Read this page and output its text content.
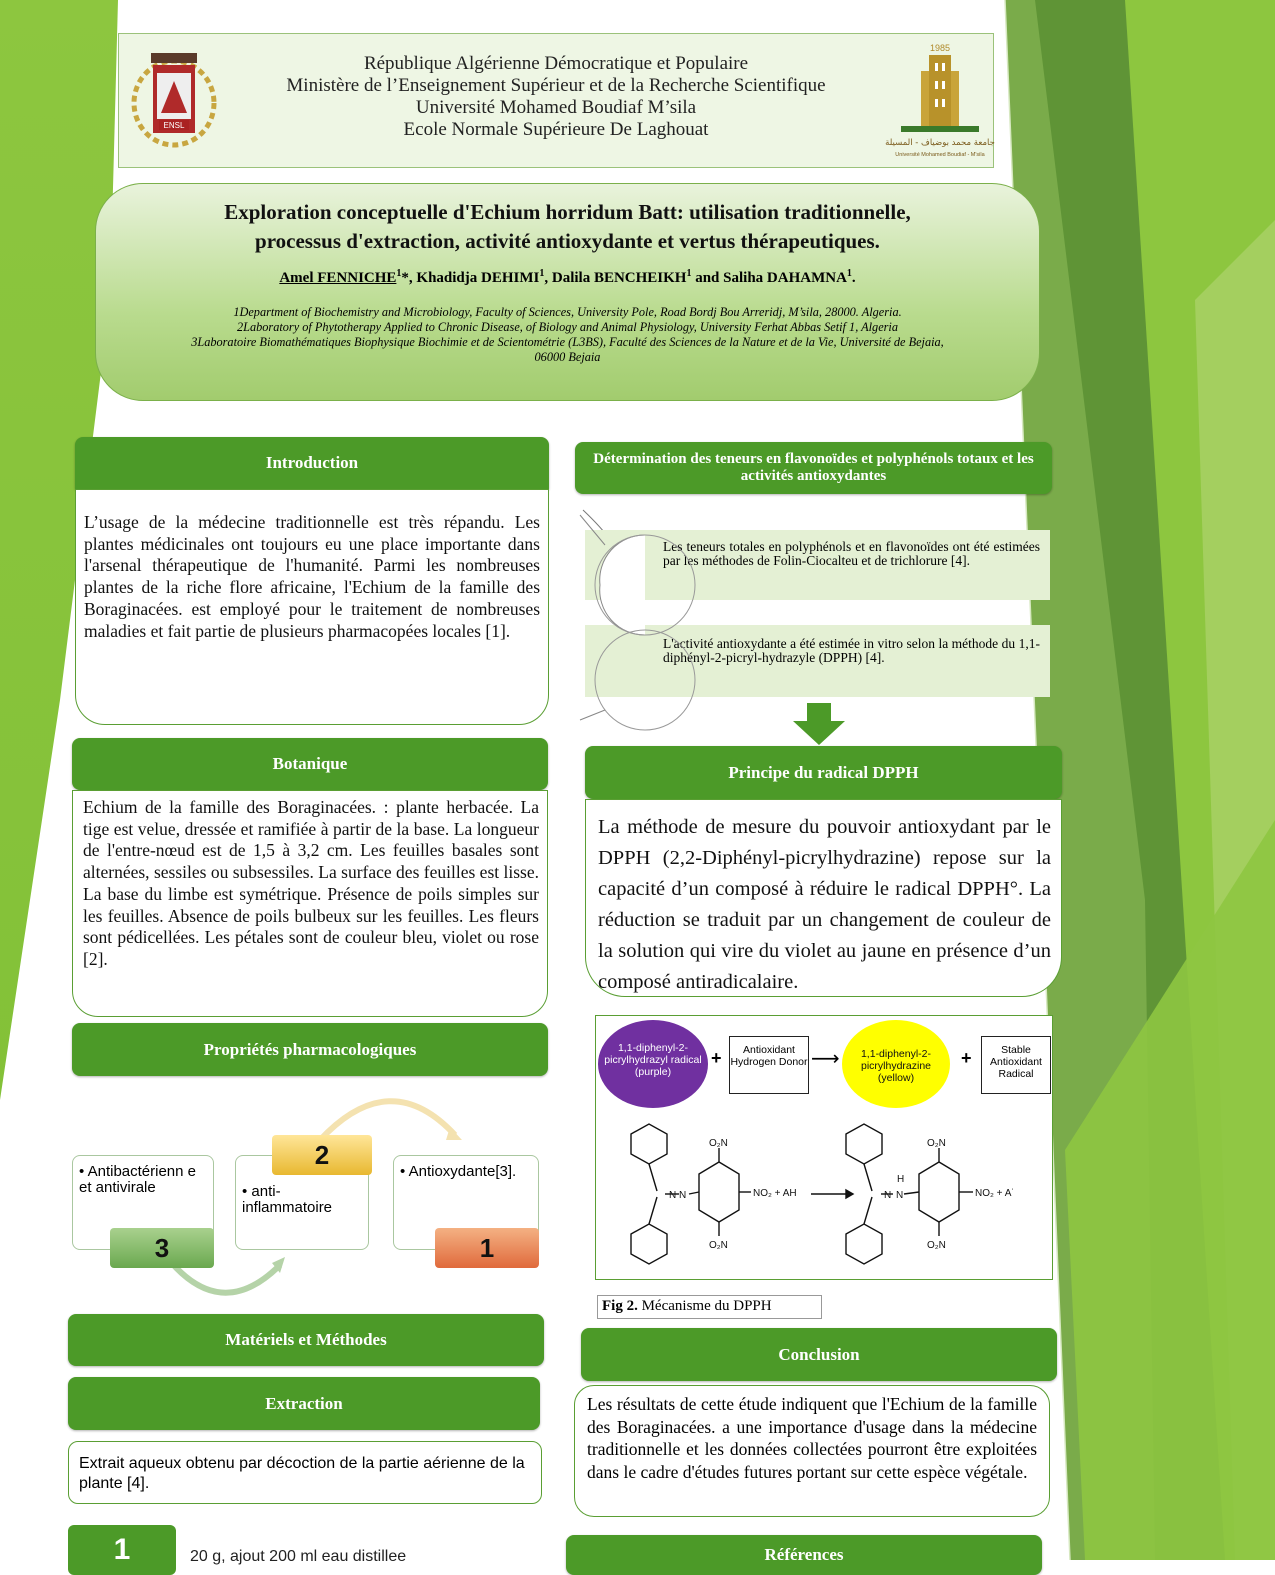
ENSL
République Algérienne Démocratique et Populaire
Ministère de l’Enseignement Supérieur et de la Recherche Scientifique
Université Mohamed Boudiaf M’sila
Ecole Normale Supérieure De Laghouat
1985
جامعة محمد بوضياف - المسيلة
Université Mohamed Boudiaf - M'sila
Exploration conceptuelle d'Echium horridum Batt: utilisation traditionnelle,
processus d'extraction, activité antioxydante et vertus thérapeutiques.
Amel FENNICHE$^1$*, Khadidja DEHIMI$^1$, Dalila BENCHEIKH$^1$ and Saliha DAHAMNA$^1$.
1Department of Biochemistry and Microbiology, Faculty of Sciences, University Pole, Road Bordj Bou Arreridj, M’sila, 28000. Algeria.
2Laboratory of Phytotherapy Applied to Chronic Disease, of Biology and Animal Physiology, University Ferhat Abbas Setif 1, Algeria
3Laboratoire Biomathématiques Biophysique Biochimie et de Scientométrie (L3BS), Faculté des Sciences de la Nature et de la Vie, Université de Bejaia,
06000 Bejaia
Introduction
L’usage de la médecine traditionnelle est très répandu. Les plantes médicinales ont toujours eu une place importante dans l'arsenal thérapeutique de l'humanité. Parmi les nombreuses plantes de la riche flore africaine, l'Echium de la famille des Boraginacées. est employé pour le traitement de nombreuses maladies et fait partie de plusieurs pharmacopées locales [1].
Botanique
Echium de la famille des Boraginacées. : plante herbacée. La tige est velue, dressée et ramifiée à partir de la base. La longueur de l'entre-nœud est de 1,5 à 3,2 cm. Les feuilles basales sont alternées, sessiles ou subsessiles. La surface des feuilles est lisse. La base du limbe est symétrique. Présence de poils simples sur les feuilles. Absence de poils bulbeux sur les feuilles. Les fleurs sont pédicellées. Les pétales sont de couleur bleu, violet ou rose [2].
Propriétés pharmacologiques
• Antibactérienn e et antivirale
3
• anti- inflammatoire
2
• Antioxydante[3].
1
Matériels et Méthodes
Extraction
Extrait aqueux obtenu par décoction de la partie aérienne de la plante [4].
1	20 g, ajout 200 ml eau distillee
Détermination des teneurs en flavonoïdes et polyphénols totaux et les activités antioxydantes
Les teneurs totales en polyphénols et en flavonoïdes ont été estimées par les méthodes de Folin-Ciocalteu et de trichlorure [4].
L'activité antioxydante a été estimée in vitro selon la méthode du 1,1-diphényl-2-picryl-hydrazyle (DPPH) [4].
Principe du radical DPPH
La méthode de mesure du pouvoir antioxydant par le DPPH (2,2-Diphényl-picrylhydrazine) repose sur la capacité d’un composé à réduire le radical DPPH°. La réduction se traduit par un changement de couleur de la solution qui vire du violet au jaune en présence d’un composé antiradicalaire.
1,1-diphenyl-2-picrylhydrazyl radical (purple)
+	Antioxidant Hydrogen Donor ⟶	1,1-diphenyl-2-picrylhydrazine (yellow)
+	Stable Antioxidant Radical
N N
O₂N
O₂N
NO₂ + AH	N N
H
O₂N
O₂N
NO₂ + A˙
Fig 2. Mécanisme du DPPH
Conclusion
Les résultats de cette étude indiquent que l'Echium de la famille des Boraginacées. a une importance d'usage dans la médecine traditionnelle et les données collectées pourront être exploitées dans le cadre d'études futures portant sur cette espèce végétale.
Références
